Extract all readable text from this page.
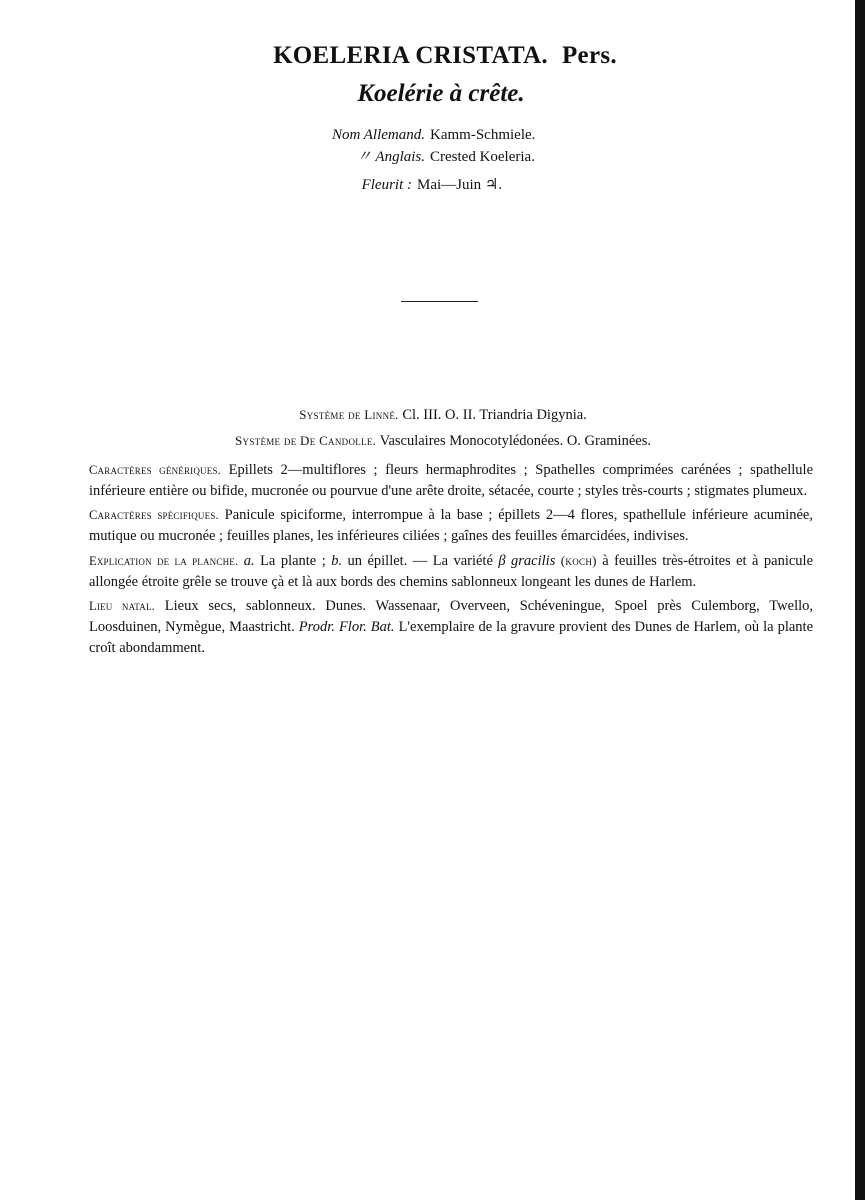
KOELERIA CRISTATA. Pers.
Koelérie à crête.
Nom Allemand. Kamm-Schmiele.
〃 Anglais. Crested Koeleria.
Fleurit : Mai—Juin ♃.
Système de Linné. Cl. III. O. II. Triandria Digynia.
Système de De Candolle. Vasculaires Monocotylédonées. O. Graminées.

Caractères génériques. Epillets 2—multiflores ; fleurs hermaphrodites ; Spathelles comprimées carénées ; spathellule inférieure entière ou bifide, mucronée ou pourvue d'une arête droite, sétacée, courte ; styles très-courts ; stigmates plumeux.

Caractères spécifiques. Panicule spiciforme, interrompue à la base ; épillets 2—4 flores, spathellule inférieure acuminée, mutique ou mucronée ; feuilles planes, les inférieures ciliées ; gaînes des feuilles émarcidées, indivises.

Explication de la planche. a. La plante ; b. un épillet. — La variété β gracilis (koch) à feuilles très-étroites et à panicule allongée étroite grêle se trouve çà et là aux bords des chemins sablonneux longeant les dunes de Harlem.

Lieu natal. Lieux secs, sablonneux. Dunes. Wassenaar, Overveen, Schéveningue, Spoel près Culemborg, Twello, Loosduinen, Nymègue, Maastricht. Prodr. Flor. Bat. L'exemplaire de la gravure provient des Dunes de Harlem, où la plante croît abondamment.
